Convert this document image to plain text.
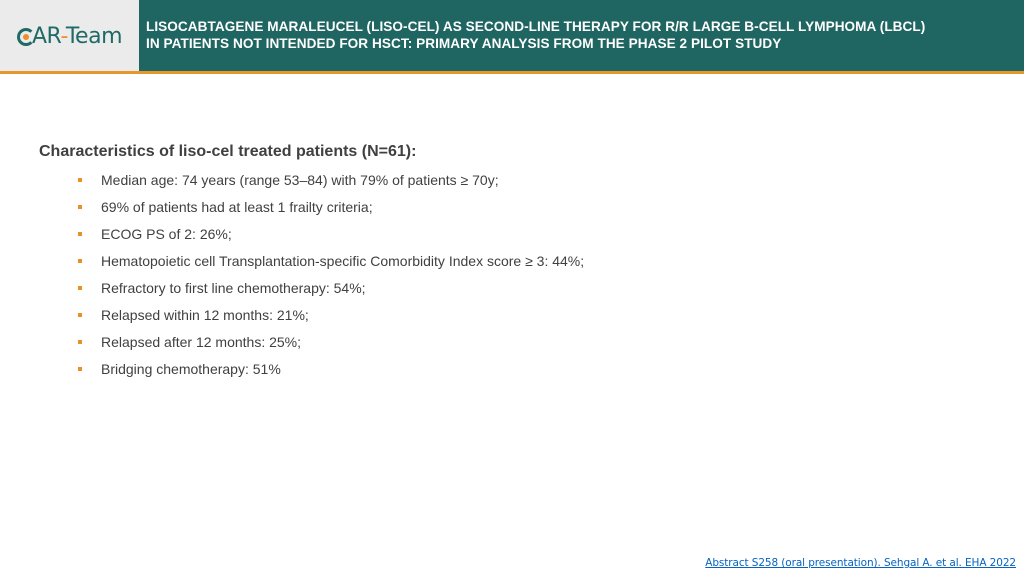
AR-Team LISOCABTAGENE MARALEUCEL (LISO-CEL) AS SECOND-LINE THERAPY FOR R/R LARGE B-CELL LYMPHOMA (LBCL)
IN PATIENTS NOT INTENDED FOR HSCT: PRIMARY ANALYSIS FROM THE PHASE 2 PILOT STUDY
Characteristics of liso-cel treated patients (N=61):
Median age: 74 years (range 53–84) with 79% of patients ≥ 70y;
69% of patients had at least 1 frailty criteria;
ECOG PS of 2: 26%;
Hematopoietic cell Transplantation-specific Comorbidity Index score ≥ 3: 44%;
Refractory to first line chemotherapy: 54%;
Relapsed within 12 months: 21%;
Relapsed after 12 months: 25%;
Bridging chemotherapy: 51%
Abstract S258 (oral presentation). Sehgal A. et al. EHA 2022
